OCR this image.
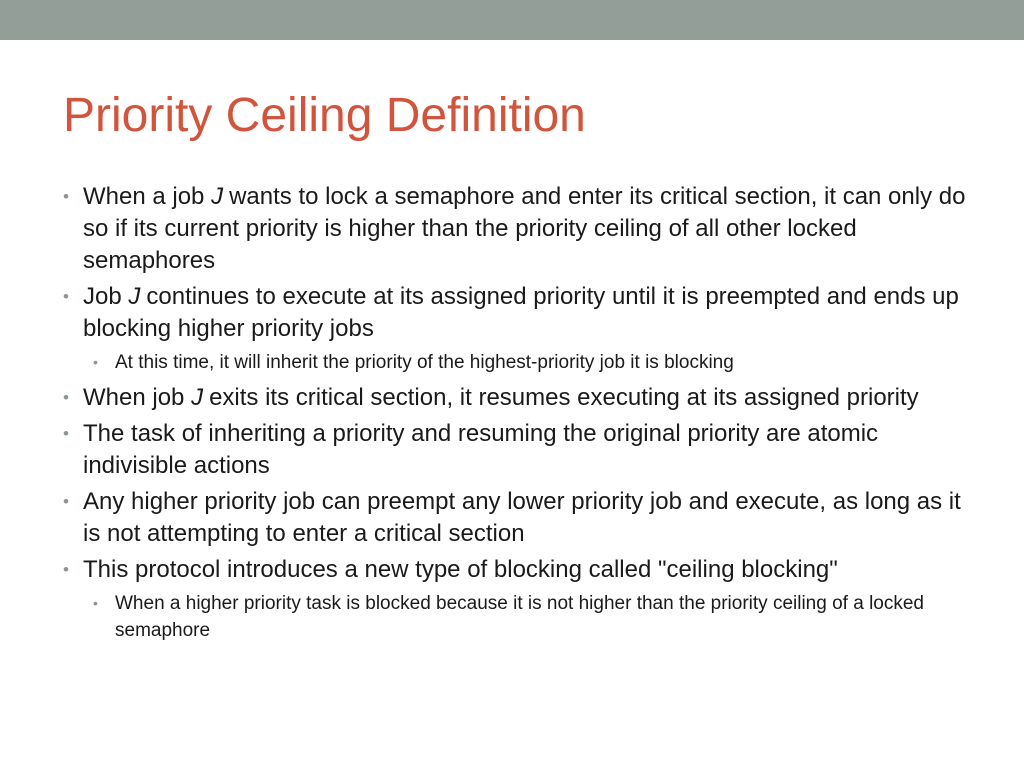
Priority Ceiling Definition
• When a job J wants to lock a semaphore and enter its critical section, it can only do so if its current priority is higher than the priority ceiling of all other locked semaphores
• Job J continues to execute at its assigned priority until it is preempted and ends up blocking higher priority jobs
• At this time, it will inherit the priority of the highest-priority job it is blocking
• When job J exits its critical section, it resumes executing at its assigned priority
• The task of inheriting a priority and resuming the original priority are atomic indivisible actions
• Any higher priority job can preempt any lower priority job and execute, as long as it is not attempting to enter a critical section
• This protocol introduces a new type of blocking called "ceiling blocking"
• When a higher priority task is blocked because it is not higher than the priority ceiling of a locked semaphore
